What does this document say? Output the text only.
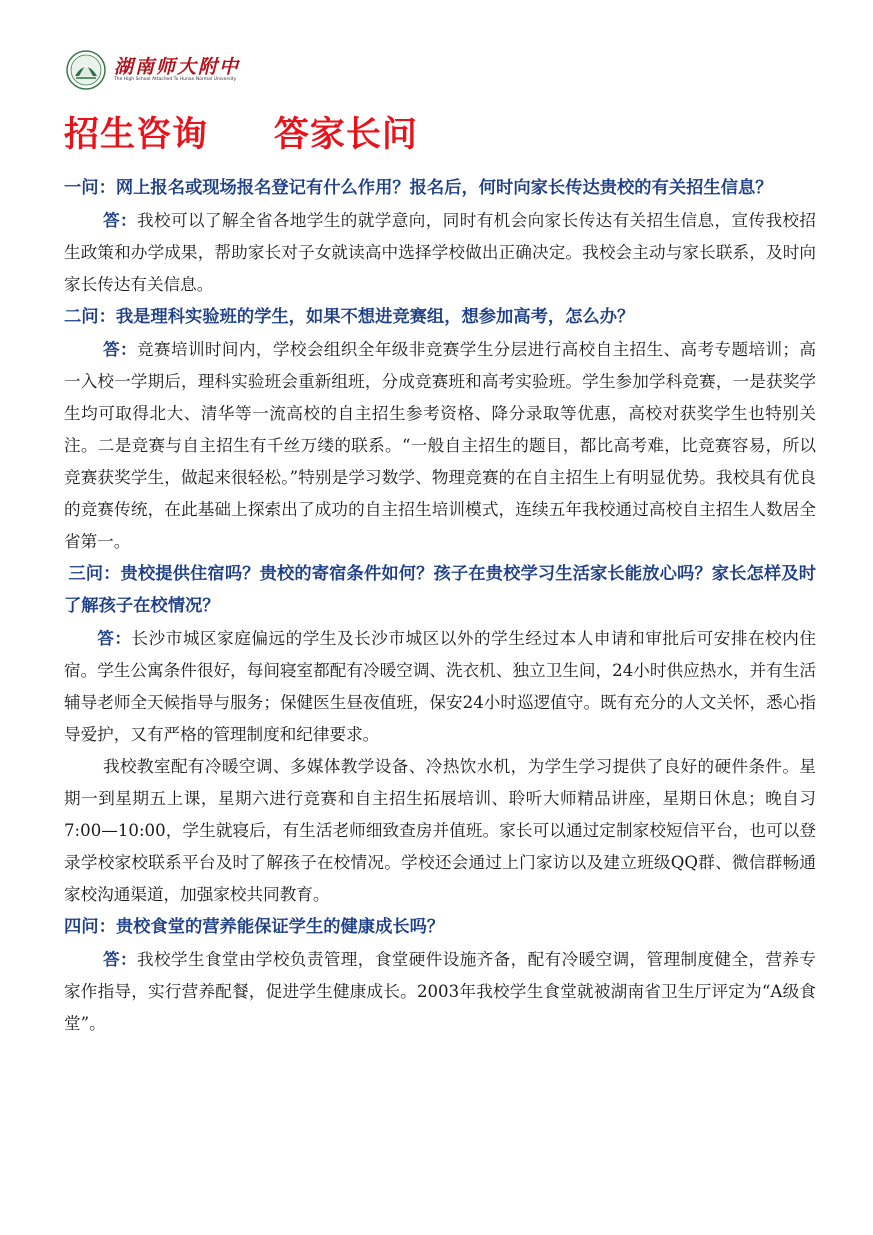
湖南师大附中
The High School Attached To Hunan Normal University
招生咨询     答家长问

一问：网上报名或现场报名登记有什么作用？报名后，何时向家长传达贵校的有关招生信息？

答：我校可以了解全省各地学生的就学意向，同时有机会向家长传达有关招生信息，宣传我校招生政策和办学成果，帮助家长对子女就读高中选择学校做出正确决定。我校会主动与家长联系，及时向家长传达有关信息。

二问：我是理科实验班的学生，如果不想进竞赛组，想参加高考，怎么办？

答：竞赛培训时间内，学校会组织全年级非竞赛学生分层进行高校自主招生、高考专题培训；高一入校一学期后，理科实验班会重新组班，分成竞赛班和高考实验班。学生参加学科竞赛，一是获奖学生均可取得北大、清华等一流高校的自主招生参考资格、降分录取等优惠，高校对获奖学生也特别关注。二是竞赛与自主招生有千丝万缕的联系。“一般自主招生的题目，都比高考难，比竞赛容易，所以竞赛获奖学生，做起来很轻松。”特别是学习数学、物理竞赛的在自主招生上有明显优势。我校具有优良的竞赛传统，在此基础上探索出了成功的自主招生培训模式，连续五年我校通过高校自主招生人数居全省第一。

三问：贵校提供住宿吗？贵校的寄宿条件如何？孩子在贵校学习生活家长能放心吗？家长怎样及时了解孩子在校情况？

答：长沙市城区家庭偏远的学生及长沙市城区以外的学生经过本人申请和审批后可安排在校内住宿。学生公寓条件很好，每间寝室都配有冷暖空调、洗衣机、独立卫生间，24小时供应热水，并有生活辅导老师全天候指导与服务；保健医生昼夜值班，保安24小时巡逻值守。既有充分的人文关怀，悉心指导爱护，又有严格的管理制度和纪律要求。

我校教室配有冷暖空调、多媒体教学设备、冷热饮水机，为学生学习提供了良好的硬件条件。星期一到星期五上课，星期六进行竞赛和自主招生拓展培训、聆听大师精品讲座，星期日休息；晚自习7:00—10:00，学生就寝后，有生活老师细致查房并值班。家长可以通过定制家校短信平台，也可以登录学校家校联系平台及时了解孩子在校情况。学校还会通过上门家访以及建立班级QQ群、微信群畅通家校沟通渠道，加强家校共同教育。

四问：贵校食堂的营养能保证学生的健康成长吗？

答：我校学生食堂由学校负责管理，食堂硬件设施齐备，配有冷暖空调，管理制度健全，营养专家作指导，实行营养配餐，促进学生健康成长。2003年我校学生食堂就被湖南省卫生厅评定为“A级食堂”。
